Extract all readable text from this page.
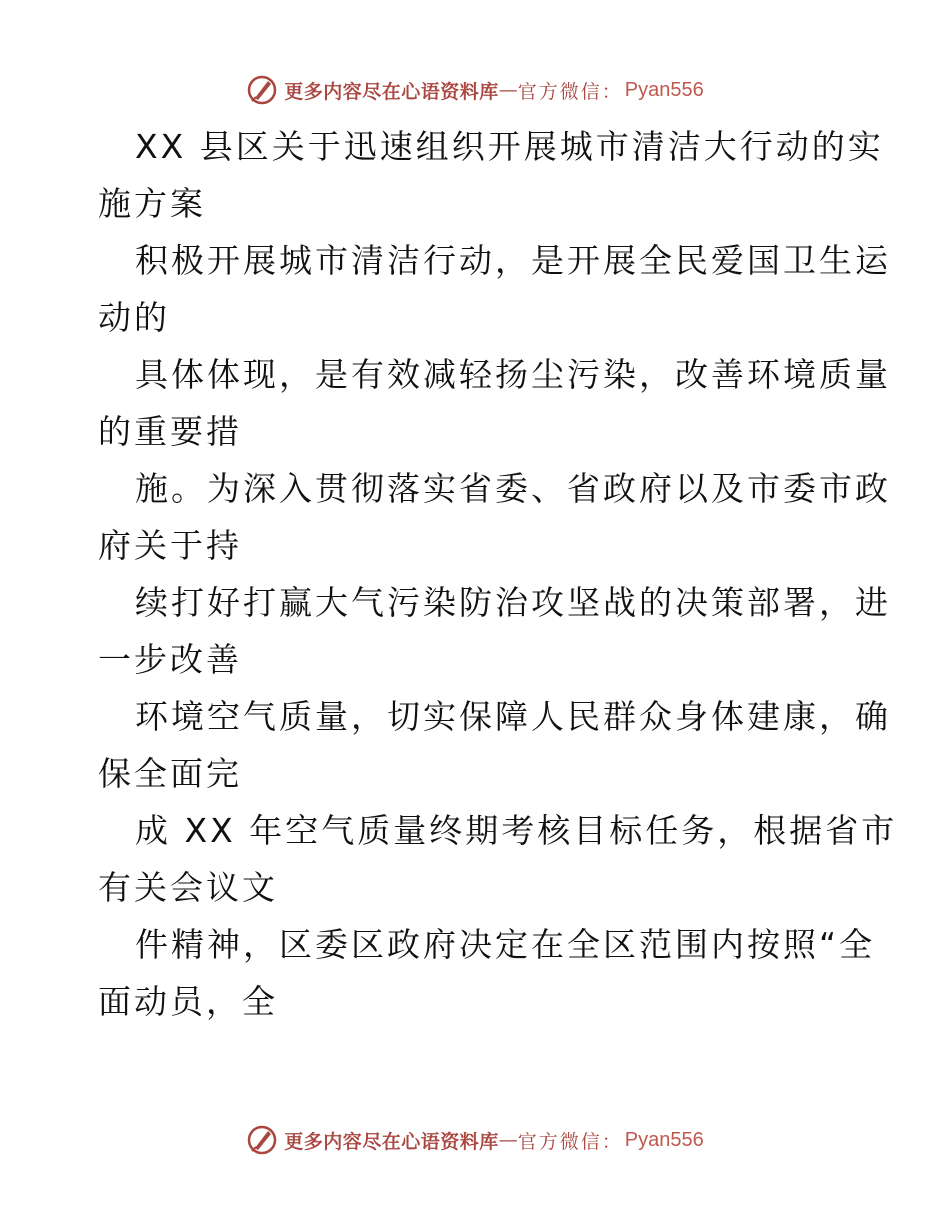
更多内容尽在心语资料库 — 官方微信： Pyan556
XX 县区关于迅速组织开展城市清洁大行动的实
施方案
积极开展城市清洁行动，是开展全民爱国卫生运
动的
具体体现，是有效减轻扬尘污染，改善环境质量
的重要措
施。为深入贯彻落实省委、省政府以及市委市政
府关于持
续打好打赢大气污染防治攻坚战的决策部署，进
一步改善
环境空气质量，切实保障人民群众身体建康，确
保全面完
成 XX 年空气质量终期考核目标任务，根据省市
有关会议文
件精神，区委区政府决定在全区范围内按照“全
面动员，全
更多内容尽在心语资料库 — 官方微信： Pyan556
